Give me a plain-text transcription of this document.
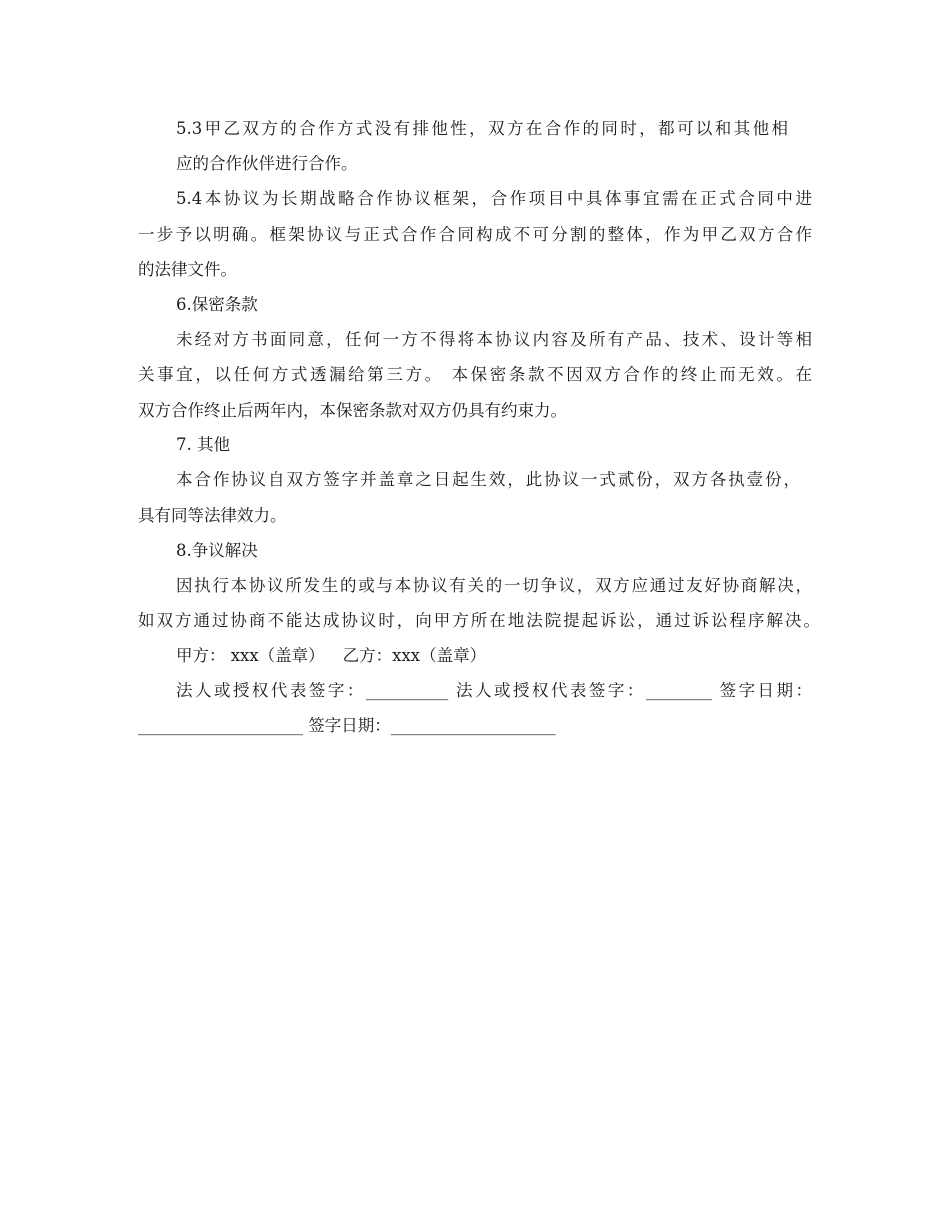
5.3甲乙双方的合作方式没有排他性，双方在合作的同时，都可以和其他相
应的合作伙伴进行合作。
5.4本协议为长期战略合作协议框架，合作项目中具体事宜需在正式合同中进
一步予以明确。框架协议与正式合作合同构成不可分割的整体，作为甲乙双方合作
的法律文件。
6.保密条款
未经对方书面同意，任何一方不得将本协议内容及所有产品、技术、设计等相
关事宜，以任何方式透漏给第三方。 本保密条款不因双方合作的终止而无效。在
双方合作终止后两年内，本保密条款对双方仍具有约束力。
7. 其他
本合作协议自双方签字并盖章之日起生效，此协议一式贰份，双方各执壹份，
具有同等法律效力。
8.争议解决
因执行本协议所发生的或与本协议有关的一切争议，双方应通过友好协商解决，
如双方通过协商不能达成协议时，向甲方所在地法院提起诉讼，通过诉讼程序解决。
甲方： xxx（盖章） 乙方：xxx（盖章）
法人或授权代表签字：__________ 法人或授权代表签字：________ 签字日期：
____________________ 签字日期：____________________
